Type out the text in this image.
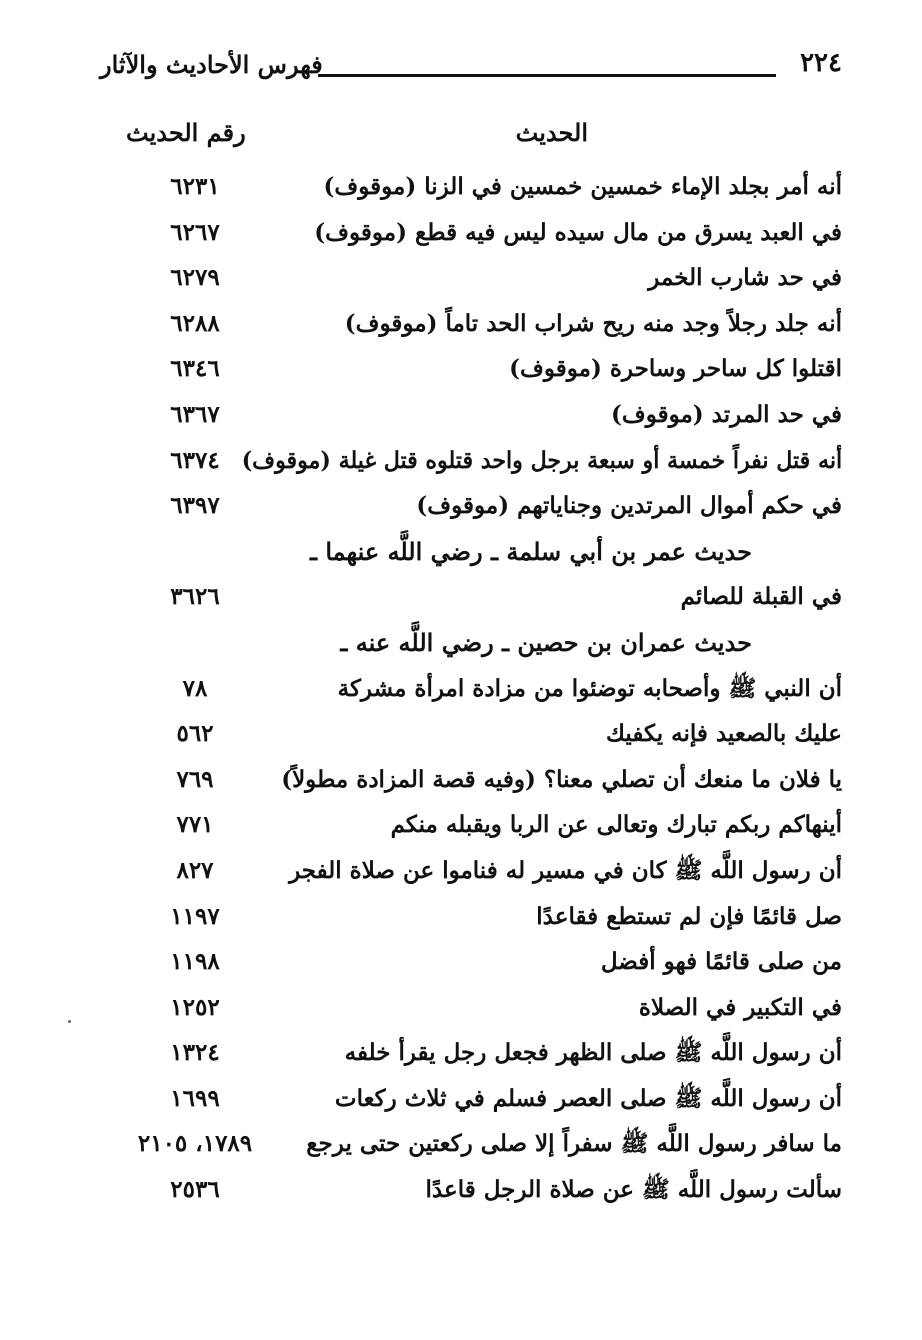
٢٢٤
فهرس الأحاديث والآثار
الحديث
رقم الحديث
أنه أمر بجلد الإماء خمسين خمسين في الزنا (موقوف)
٦٢٣١
في العبد يسرق من مال سيده ليس فيه قطع (موقوف)
٦٢٦٧
في حد شارب الخمر
٦٢٧٩
أنه جلد رجلاً وجد منه ريح شراب الحد تاماً (موقوف)
٦٢٨٨
اقتلوا كل ساحر وساحرة (موقوف)
٦٣٤٦
في حد المرتد (موقوف)
٦٣٦٧
أنه قتل نفراً خمسة أو سبعة برجل واحد قتلوه قتل غيلة (موقوف)
٦٣٧٤
في حكم أموال المرتدين وجناياتهم (موقوف)
٦٣٩٧
حديث عمر بن أبي سلمة ـ رضي اللَّه عنهما ـ
في القبلة للصائم
٣٦٢٦
حديث عمران بن حصين ـ رضي اللَّه عنه ـ
أن النبي ﷺ وأصحابه توضئوا من مزادة امرأة مشركة
٧٨
عليك بالصعيد فإنه يكفيك
٥٦٢
يا فلان ما منعك أن تصلي معنا؟ (وفيه قصة المزادة مطولاً)
٧٦٩
أينهاكم ربكم تبارك وتعالى عن الربا ويقبله منكم
٧٧١
أن رسول اللَّه ﷺ كان في مسير له فناموا عن صلاة الفجر
٨٢٧
صل قائمًا فإن لم تستطع فقاعدًا
١١٩٧
من صلى قائمًا فهو أفضل
١١٩٨
في التكبير في الصلاة
١٢٥٢
أن رسول اللَّه ﷺ صلى الظهر فجعل رجل يقرأ خلفه
١٣٢٤
أن رسول اللَّه ﷺ صلى العصر فسلم في ثلاث ركعات
١٦٩٩
ما سافر رسول اللَّه ﷺ سفراً إلا صلى ركعتين حتى يرجع
١٧٨٩، ٢١٠٥
سألت رسول اللَّه ﷺ عن صلاة الرجل قاعدًا
٢٥٣٦
